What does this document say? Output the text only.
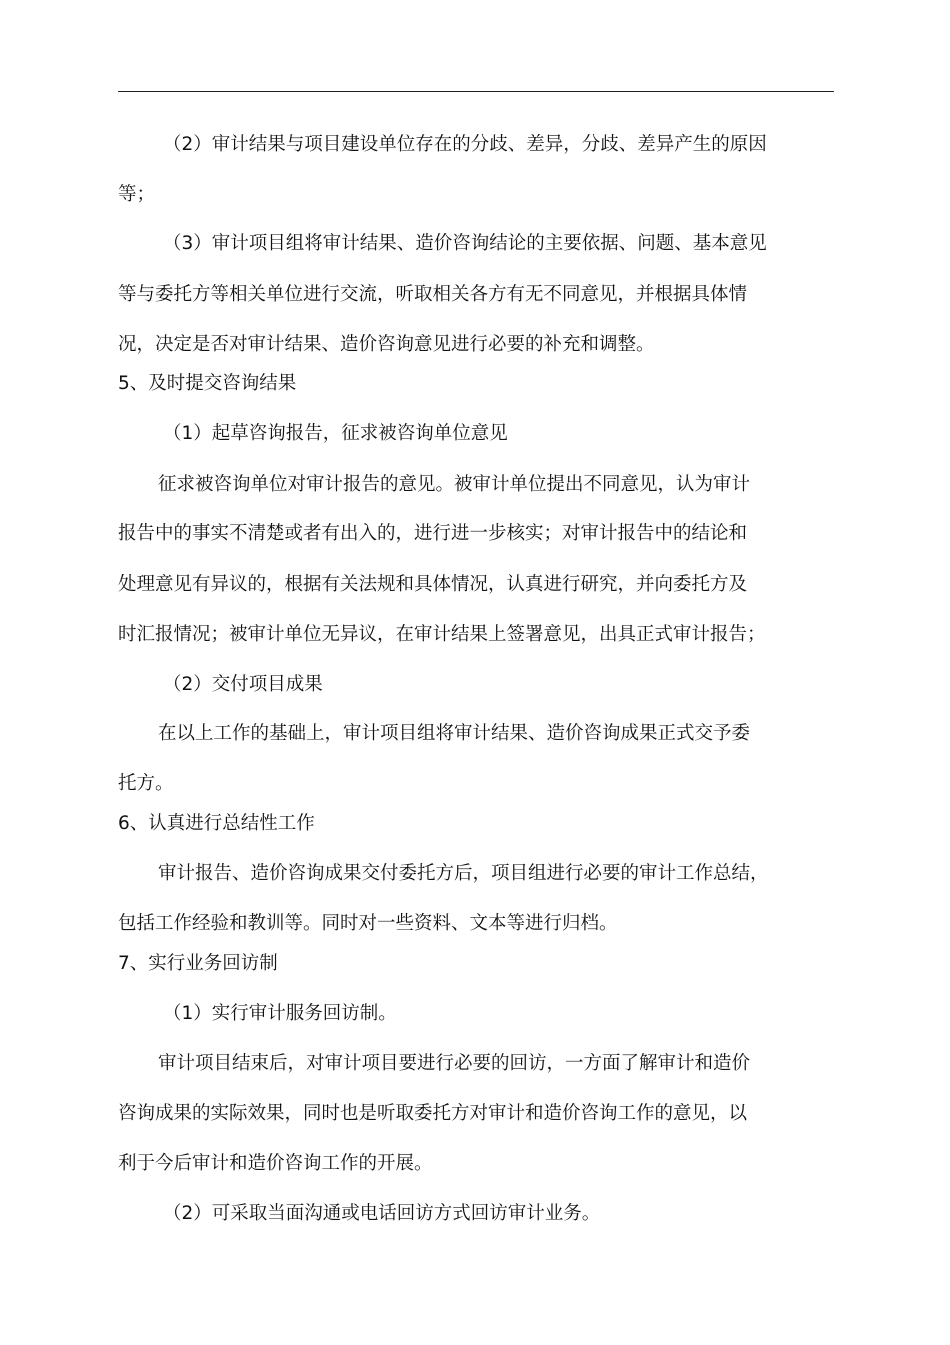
（2）审计结果与项目建设单位存在的分歧、差异，分歧、差异产生的原因
等；
（3）审计项目组将审计结果、造价咨询结论的主要依据、问题、基本意见
等与委托方等相关单位进行交流，听取相关各方有无不同意见，并根据具体情
况，决定是否对审计结果、造价咨询意见进行必要的补充和调整。
5、及时提交咨询结果
（1）起草咨询报告，征求被咨询单位意见
征求被咨询单位对审计报告的意见。被审计单位提出不同意见，认为审计
报告中的事实不清楚或者有出入的，进行进一步核实；对审计报告中的结论和
处理意见有异议的，根据有关法规和具体情况，认真进行研究，并向委托方及
时汇报情况；被审计单位无异议，在审计结果上签署意见，出具正式审计报告；
（2）交付项目成果
在以上工作的基础上，审计项目组将审计结果、造价咨询成果正式交予委
托方。
6、认真进行总结性工作
审计报告、造价咨询成果交付委托方后，项目组进行必要的审计工作总结，
包括工作经验和教训等。同时对一些资料、文本等进行归档。
7、实行业务回访制
（1）实行审计服务回访制。
审计项目结束后，对审计项目要进行必要的回访，一方面了解审计和造价
咨询成果的实际效果，同时也是听取委托方对审计和造价咨询工作的意见，以
利于今后审计和造价咨询工作的开展。
（2）可采取当面沟通或电话回访方式回访审计业务。
